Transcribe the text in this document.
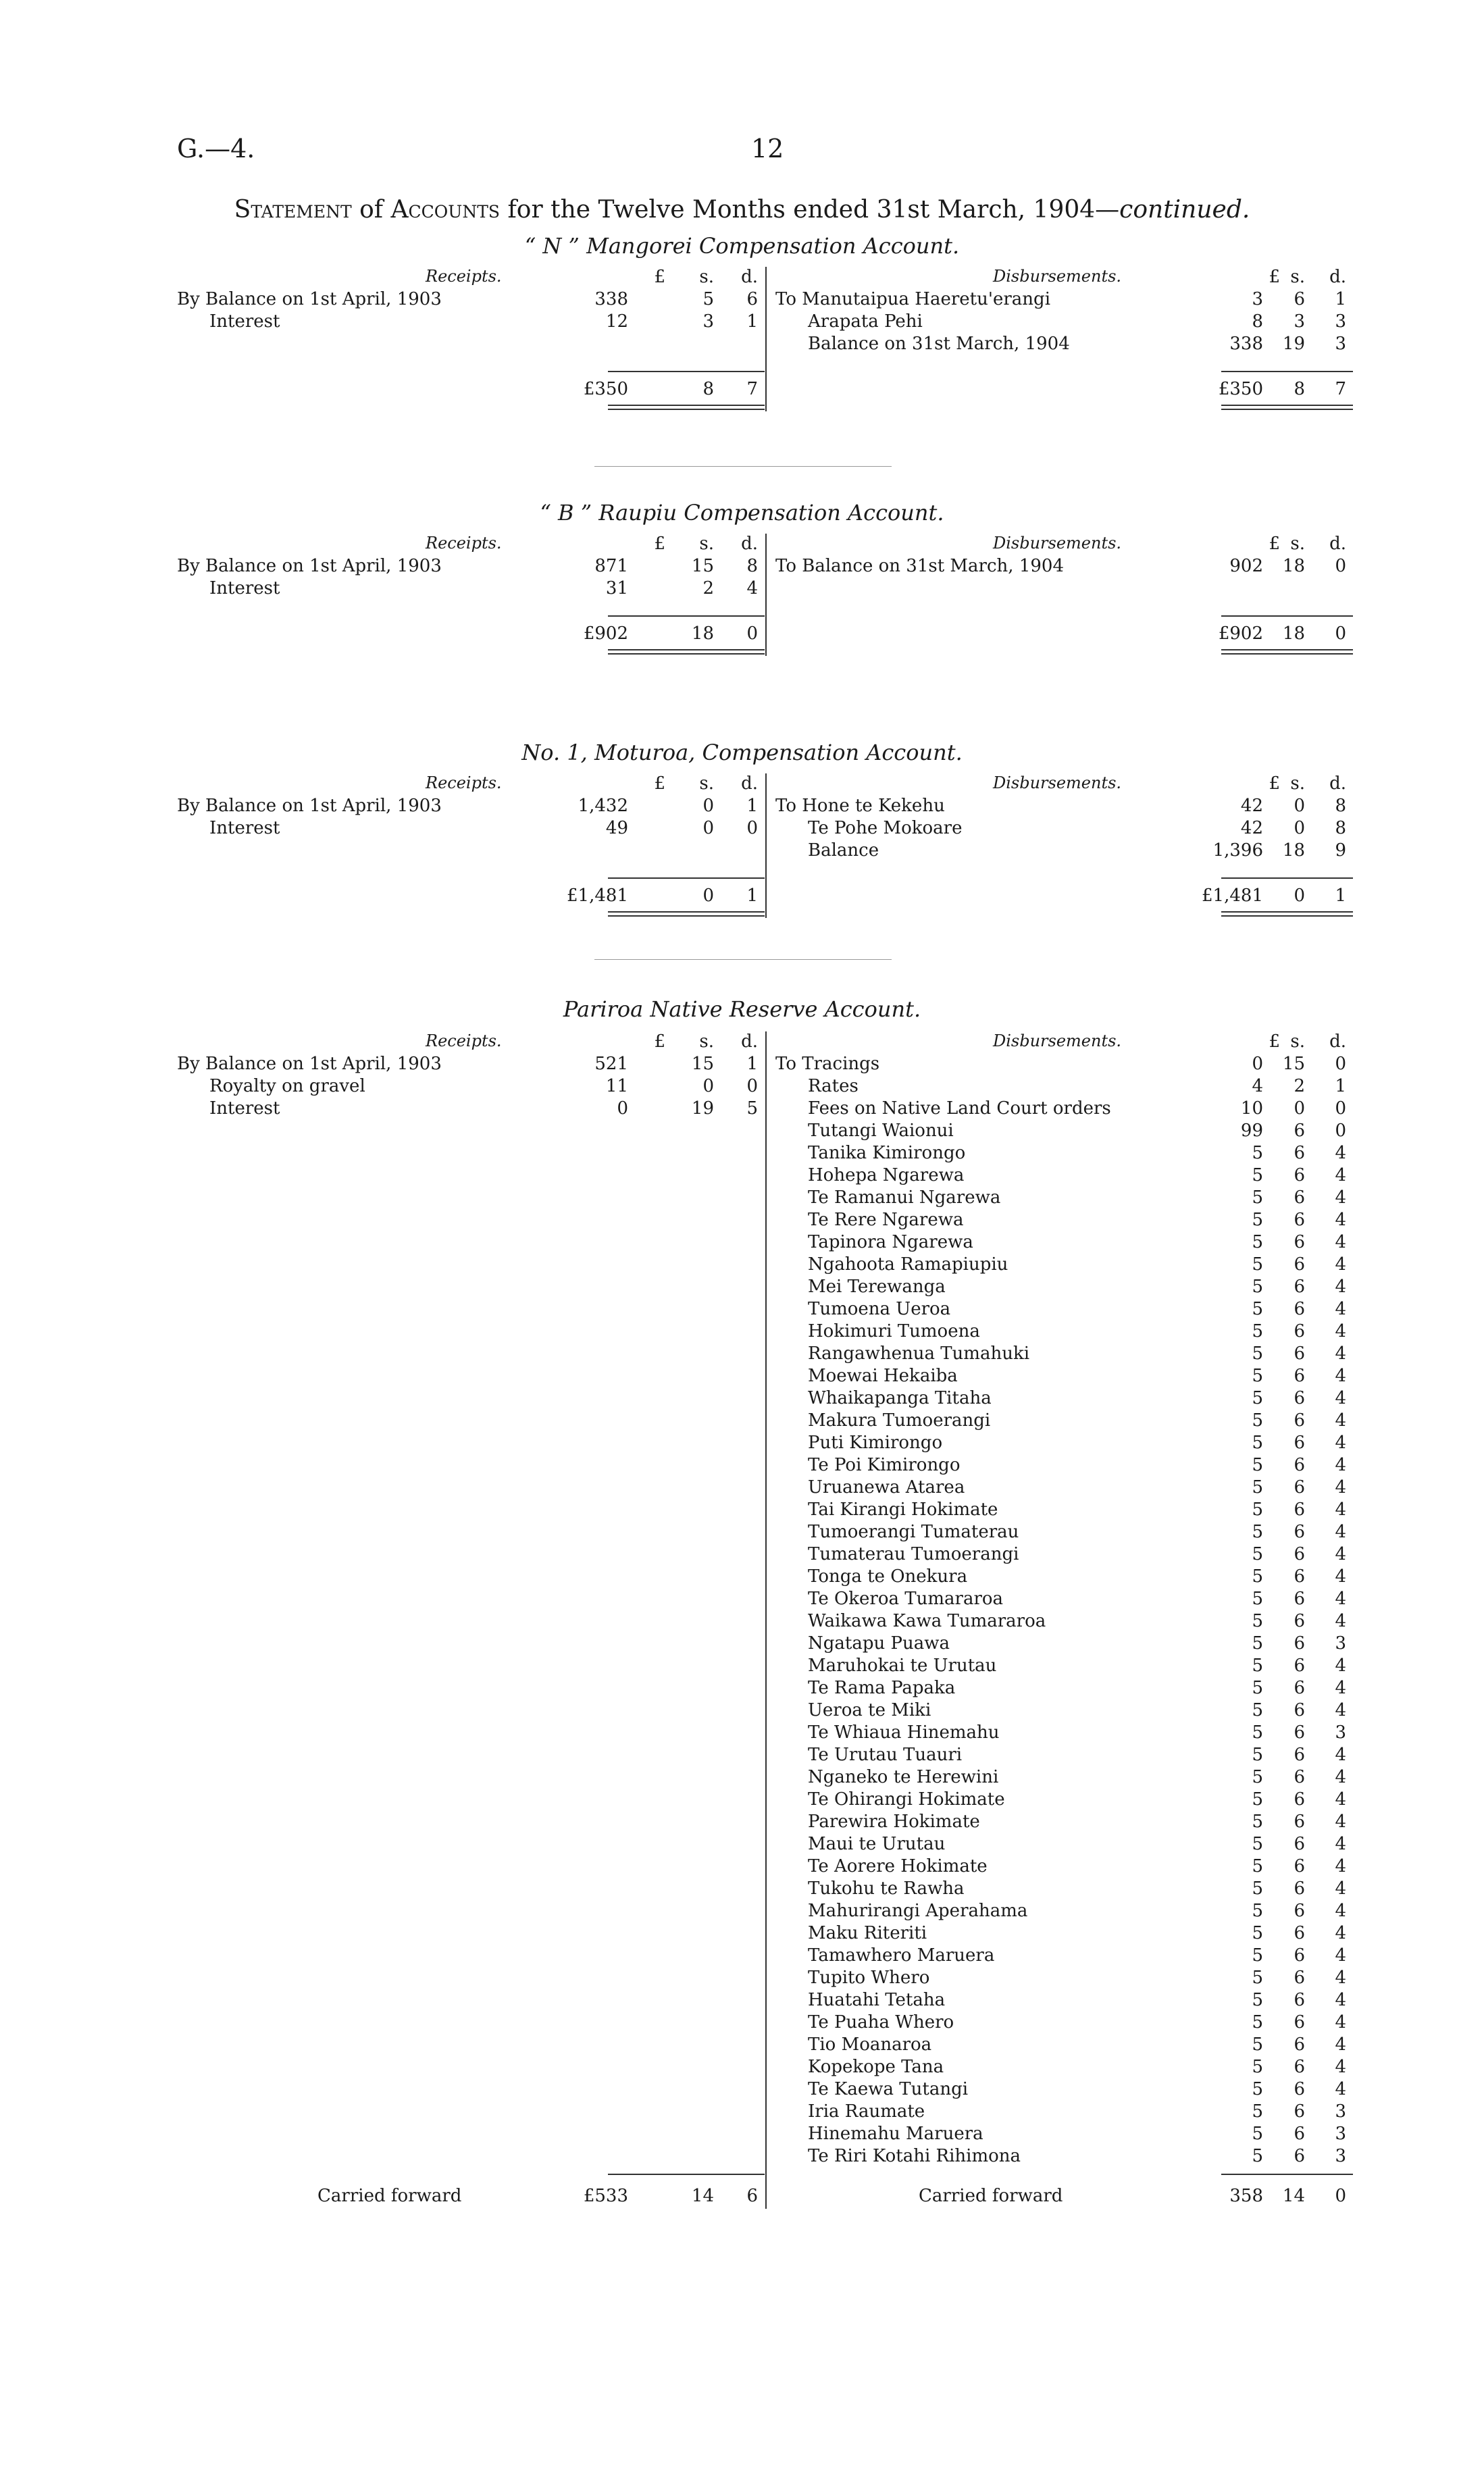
G.—4.	12
Statement of Accounts for the Twelve Months ended 31st March, 1904—continued.
“ N ” Mangorei Compensation Account.
Receipts.	£ s. d.	Disbursements.	£ s. d.
By Balance on 1st April, 1903	338	5 6
Interest	12	3 1
To Manutaipua Haeretu'erangi	3 6 1
Arapata Pehi	8 3 3
Balance on 31st March, 1904	338 19 3
£350	8 7	£350 8 7
“ B ” Raupiu Compensation Account.
Receipts.	£ s. d.	Disbursements.	£ s. d.
By Balance on 1st April, 1903	871	15 8
Interest	31	2 4
To Balance on 31st March, 1904	902 18 0
£902	18 0	£902 18 0
No. 1, Moturoa, Compensation Account.
Receipts.	£ s. d.	Disbursements.	£ s. d.
By Balance on 1st April, 1903	1,432	0 1
Interest	49	0 0
To Hone te Kekehu	42 0 8
Te Pohe Mokoare	42 0 8
Balance	1,396 18 9
£1,481	0 1	£1,481 0 1
Pariroa Native Reserve Account.
Receipts.	£ s. d.	Disbursements.	£ s. d.
By Balance on 1st April, 1903	521	15 1
Royalty on gravel	11	0 0
Interest	0	19 5
To Tracings	0 15 0
Rates	4 2 1
Fees on Native Land Court orders	10 0 0
Tutangi Waionui	99 6 0
Tanika Kimirongo	5 6 4
Hohepa Ngarewa	5 6 4
Te Ramanui Ngarewa	5 6 4
Te Rere Ngarewa	5 6 4
Tapinora Ngarewa	5 6 4
Ngahoota Ramapiupiu	5 6 4
Mei Terewanga	5 6 4
Tumoena Ueroa	5 6 4
Hokimuri Tumoena	5 6 4
Rangawhenua Tumahuki	5 6 4
Moewai Hekaiba	5 6 4
Whaikapanga Titaha	5 6 4
Makura Tumoerangi	5 6 4
Puti Kimirongo	5 6 4
Te Poi Kimirongo	5 6 4
Uruanewa Atarea	5 6 4
Tai Kirangi Hokimate	5 6 4
Tumoerangi Tumaterau	5 6 4
Tumaterau Tumoerangi	5 6 4
Tonga te Onekura	5 6 4
Te Okeroa Tumararoa	5 6 4
Waikawa Kawa Tumararoa	5 6 4
Ngatapu Puawa	5 6 3
Maruhokai te Urutau	5 6 4
Te Rama Papaka	5 6 4
Ueroa te Miki	5 6 4
Te Whiaua Hinemahu	5 6 3
Te Urutau Tuauri	5 6 4
Nganeko te Herewini	5 6 4
Te Ohirangi Hokimate	5 6 4
Parewira Hokimate	5 6 4
Maui te Urutau	5 6 4
Te Aorere Hokimate	5 6 4
Tukohu te Rawha	5 6 4
Mahurirangi Aperahama	5 6 4
Maku Riteriti	5 6 4
Tamawhero Maruera	5 6 4
Tupito Whero	5 6 4
Huatahi Tetaha	5 6 4
Te Puaha Whero	5 6 4
Tio Moanaroa	5 6 4
Kopekope Tana	5 6 4
Te Kaewa Tutangi	5 6 4
Iria Raumate	5 6 3
Hinemahu Maruera	5 6 3
Te Riri Kotahi Rihimona	5 6 3
Carried forward	£533	14 6	Carried forward	358 14 0
